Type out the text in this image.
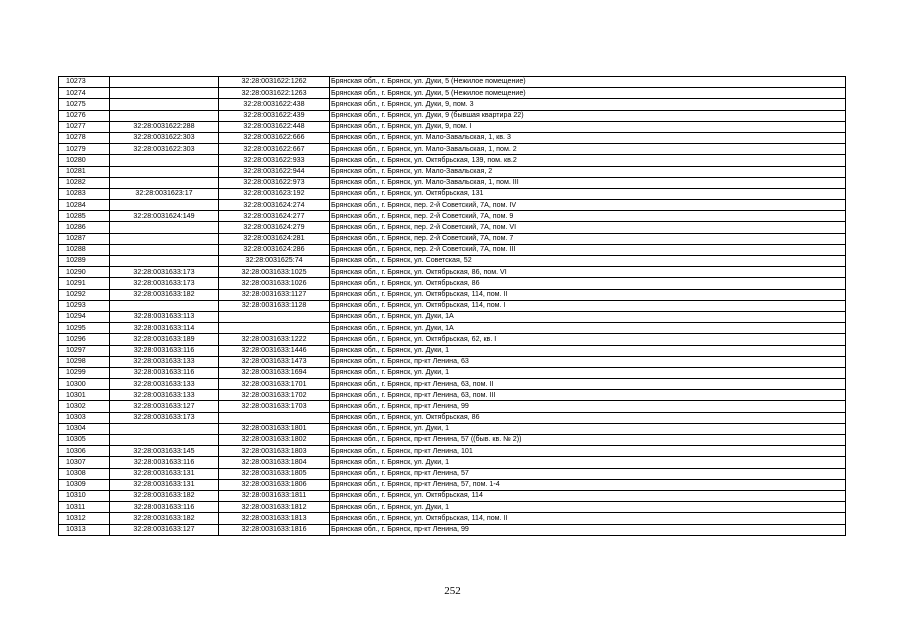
10273		32:28:0031622:1262	Брянская обл., г. Брянск, ул. Дуки, 5 (Нежилое помещение)
10274		32:28:0031622:1263	Брянская обл., г. Брянск, ул. Дуки, 5 (Нежилое помещение)
10275		32:28:0031622:438	Брянская обл., г. Брянск, ул. Дуки, 9, пом. 3
10276		32:28:0031622:439	Брянская обл., г. Брянск, ул. Дуки, 9 (бывшая квартира 22)
10277	32:28:0031622:288	32:28:0031622:448	Брянская обл., г. Брянск, ул. Дуки, 9, пом. I
10278	32:28:0031622:303	32:28:0031622:666	Брянская обл., г. Брянск, ул. Мало-Завальская, 1, кв. 3
10279	32:28:0031622:303	32:28:0031622:667	Брянская обл., г. Брянск, ул. Мало-Завальская, 1, пом. 2
10280		32:28:0031622:933	Брянская обл., г. Брянск, ул. Октябрьская, 139, пом. кв.2
10281		32:28:0031622:944	Брянская обл., г. Брянск, ул. Мало-Завальская, 2
10282		32:28:0031622:973	Брянская обл., г. Брянск, ул. Мало-Завальская, 1, пом. III
10283	32:28:0031623:17	32:28:0031623:192	Брянская обл., г. Брянск, ул. Октябрьская, 131
10284		32:28:0031624:274	Брянская обл., г. Брянск, пер. 2-й Советский, 7А, пом. IV
10285	32:28:0031624:149	32:28:0031624:277	Брянская обл., г. Брянск, пер. 2-й Советский, 7А, пом. 9
10286		32:28:0031624:279	Брянская обл., г. Брянск, пер. 2-й Советский, 7А, пом. VI
10287		32:28:0031624:281	Брянская обл., г. Брянск, пер. 2-й Советский, 7А, пом. 7
10288		32:28:0031624:286	Брянская обл., г. Брянск, пер. 2-й Советский, 7А, пом. III
10289		32:28:0031625:74	Брянская обл., г. Брянск, ул. Советская, 52
10290	32:28:0031633:173	32:28:0031633:1025	Брянская обл., г. Брянск, ул. Октябрьская, 86, пом. VI
10291	32:28:0031633:173	32:28:0031633:1026	Брянская обл., г. Брянск, ул. Октябрьская, 86
10292	32:28:0031633:182	32:28:0031633:1127	Брянская обл., г. Брянск, ул. Октябрьская, 114, пом. II
10293		32:28:0031633:1128	Брянская обл., г. Брянск, ул. Октябрьская, 114, пом. I
10294	32:28:0031633:113		Брянская обл., г. Брянск, ул. Дуки, 1А
10295	32:28:0031633:114		Брянская обл., г. Брянск, ул. Дуки, 1А
10296	32:28:0031633:189	32:28:0031633:1222	Брянская обл., г. Брянск, ул. Октябрьская, 62, кв. I
10297	32:28:0031633:116	32:28:0031633:1446	Брянская обл., г. Брянск, ул. Дуки, 1
10298	32:28:0031633:133	32:28:0031633:1473	Брянская обл., г. Брянск, пр-кт Ленина, 63
10299	32:28:0031633:116	32:28:0031633:1694	Брянская обл., г. Брянск, ул. Дуки, 1
10300	32:28:0031633:133	32:28:0031633:1701	Брянская обл., г. Брянск, пр-кт Ленина, 63, пом. II
10301	32:28:0031633:133	32:28:0031633:1702	Брянская обл., г. Брянск, пр-кт Ленина, 63, пом. III
10302	32:28:0031633:127	32:28:0031633:1703	Брянская обл., г. Брянск, пр-кт Ленина, 99
10303	32:28:0031633:173		Брянская обл., г. Брянск, ул. Октябрьская, 86
10304		32:28:0031633:1801	Брянская обл., г. Брянск, ул. Дуки, 1
10305		32:28:0031633:1802	Брянская обл., г. Брянск, пр-кт Ленина, 57 ((быв. кв. № 2))
10306	32:28:0031633:145	32:28:0031633:1803	Брянская обл., г. Брянск, пр-кт Ленина, 101
10307	32:28:0031633:116	32:28:0031633:1804	Брянская обл., г. Брянск, ул. Дуки, 1
10308	32:28:0031633:131	32:28:0031633:1805	Брянская обл., г. Брянск, пр-кт Ленина, 57
10309	32:28:0031633:131	32:28:0031633:1806	Брянская обл., г. Брянск, пр-кт Ленина, 57, пом. 1-4
10310	32:28:0031633:182	32:28:0031633:1811	Брянская обл., г. Брянск, ул. Октябрьская, 114
10311	32:28:0031633:116	32:28:0031633:1812	Брянская обл., г. Брянск, ул. Дуки, 1
10312	32:28:0031633:182	32:28:0031633:1813	Брянская обл., г. Брянск, ул. Октябрьская, 114, пом. II
10313	32:28:0031633:127	32:28:0031633:1816	Брянская обл., г. Брянск, пр-кт Ленина, 99
252
